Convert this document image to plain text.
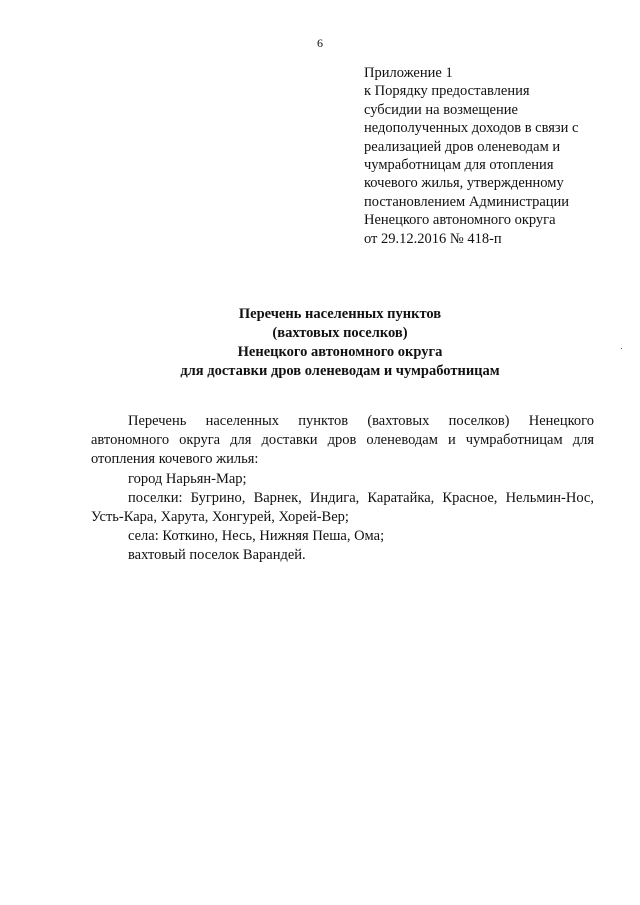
6
Приложение 1
к Порядку предоставления
субсидии на возмещение
недополученных доходов в связи с
реализацией дров оленеводам и
чумработницам для отопления
кочевого жилья, утвержденному
постановлением Администрации
Ненецкого автономного округа
от 29.12.2016 № 418-п
Перечень населенных пунктов
(вахтовых поселков)
Ненецкого автономного округа
для доставки дров оленеводам и чумработницам

Перечень населенных пунктов (вахтовых поселков) Ненецкого автономного округа для доставки дров оленеводам и чумработницам для отопления кочевого жилья:

город Нарьян-Мар;

поселки: Бугрино, Варнек, Индига, Каратайка, Красное, Нельмин-Нос, Усть-Кара, Харута, Хонгурей, Хорей-Вер;

села: Коткино, Несь, Нижняя Пеша, Ома;

вахтовый поселок Варандей.
